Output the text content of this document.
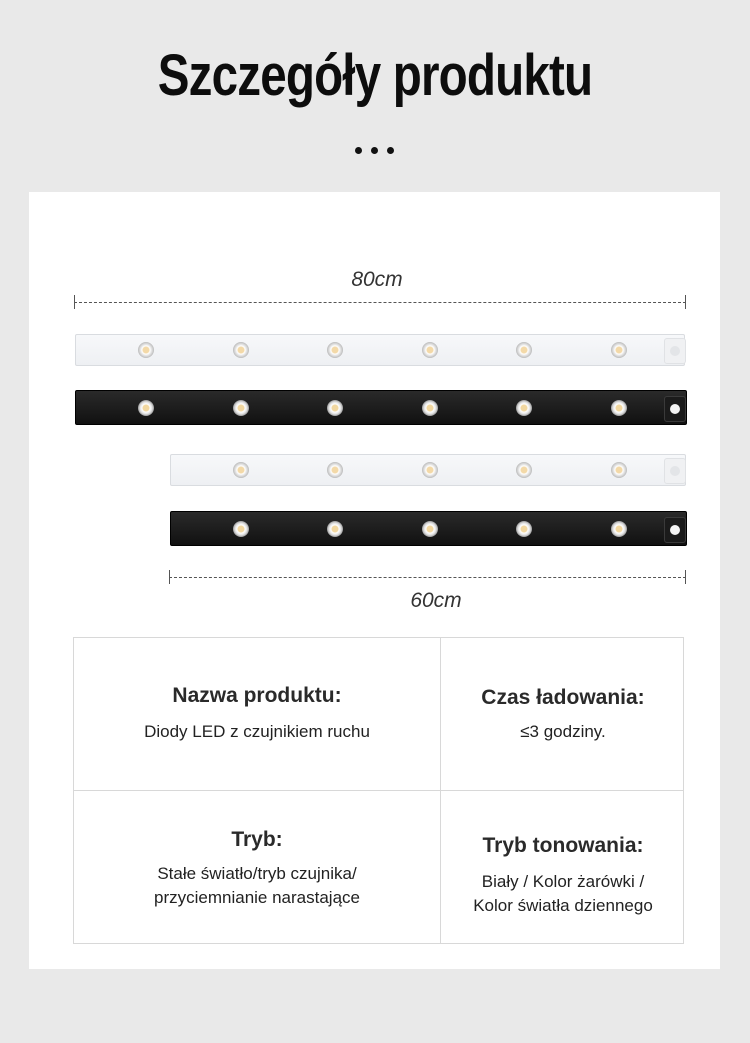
Szczegóły produktu
80cm
60cm
Nazwa produktu:
Diody LED z czujnikiem ruchu
Czas ładowania:
≤3 godziny.
Tryb:
Stałe światło/tryb czujnika/
przyciemnianie narastające
Tryb tonowania:
Biały / Kolor żarówki /
Kolor światła dziennego
